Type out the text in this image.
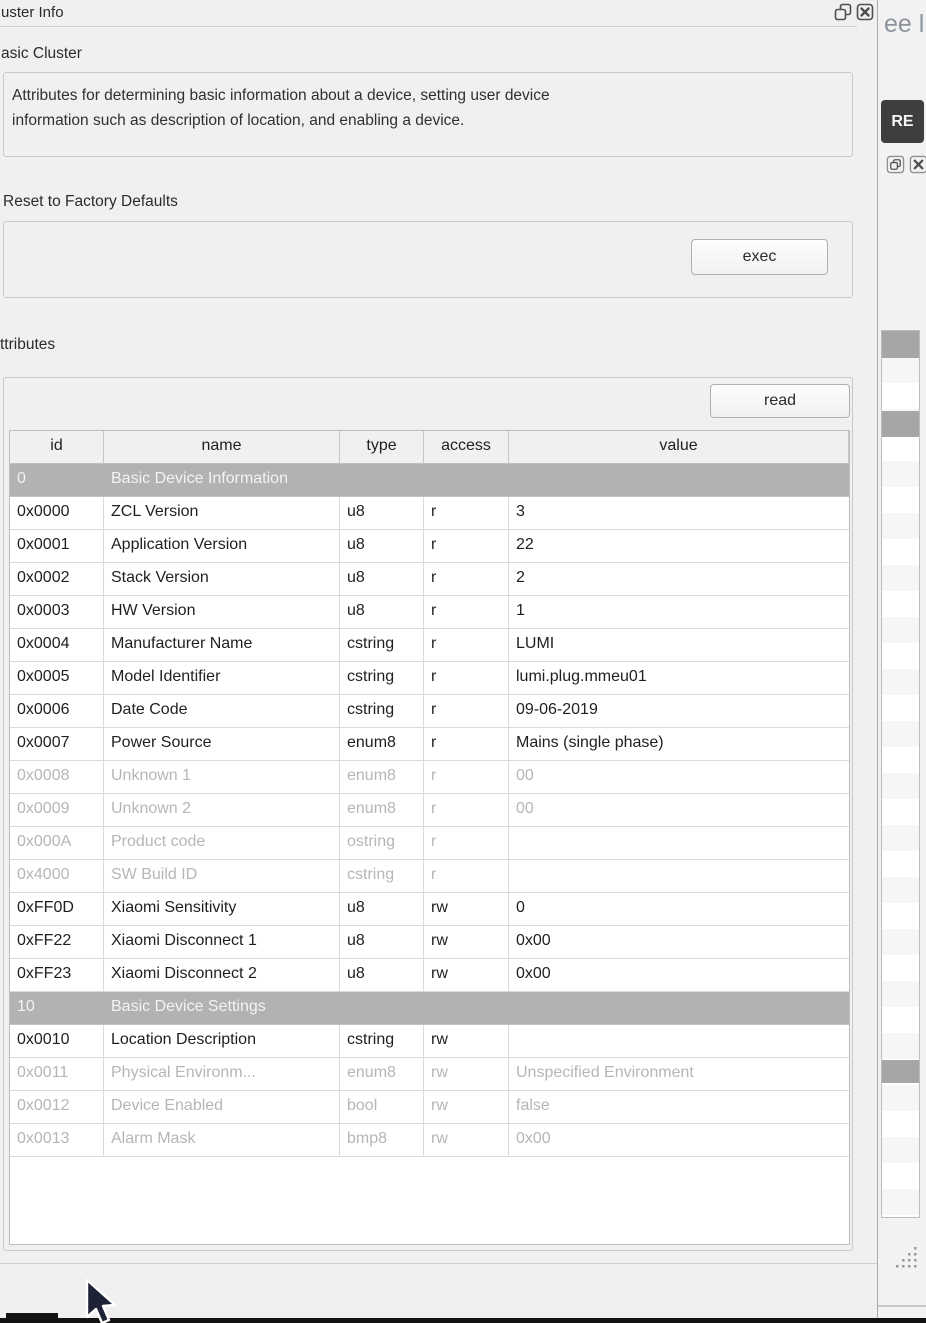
uster Info
asic Cluster
Attributes for determining basic information about a device, setting user device
information such as description of location, and enabling a device.
Reset to Factory Defaults
exec
ttributes
read
id	name	type	access	value
0	Basic Device Information
0x0000	ZCL Version	u8	r	3
0x0001	Application Version	u8	r	22
0x0002	Stack Version	u8	r	2
0x0003	HW Version	u8	r	1
0x0004	Manufacturer Name	cstring	r	LUMI
0x0005	Model Identifier	cstring	r	lumi.plug.mmeu01
0x0006	Date Code	cstring	r	09-06-2019
0x0007	Power Source	enum8	r	Mains (single phase)
0x0008	Unknown 1	enum8	r	00
0x0009	Unknown 2	enum8	r	00
0x000A	Product code	ostring	r
0x4000	SW Build ID	cstring	r
0xFF0D	Xiaomi Sensitivity	u8	rw	0
0xFF22	Xiaomi Disconnect 1	u8	rw	0x00
0xFF23	Xiaomi Disconnect 2	u8	rw	0x00
10	Basic Device Settings
0x0010	Location Description	cstring	rw
0x0011	Physical Environm...	enum8	rw	Unspecified Environment
0x0012	Device Enabled	bool	rw	false
0x0013	Alarm Mask	bmp8	rw	0x00
ee l
RE
